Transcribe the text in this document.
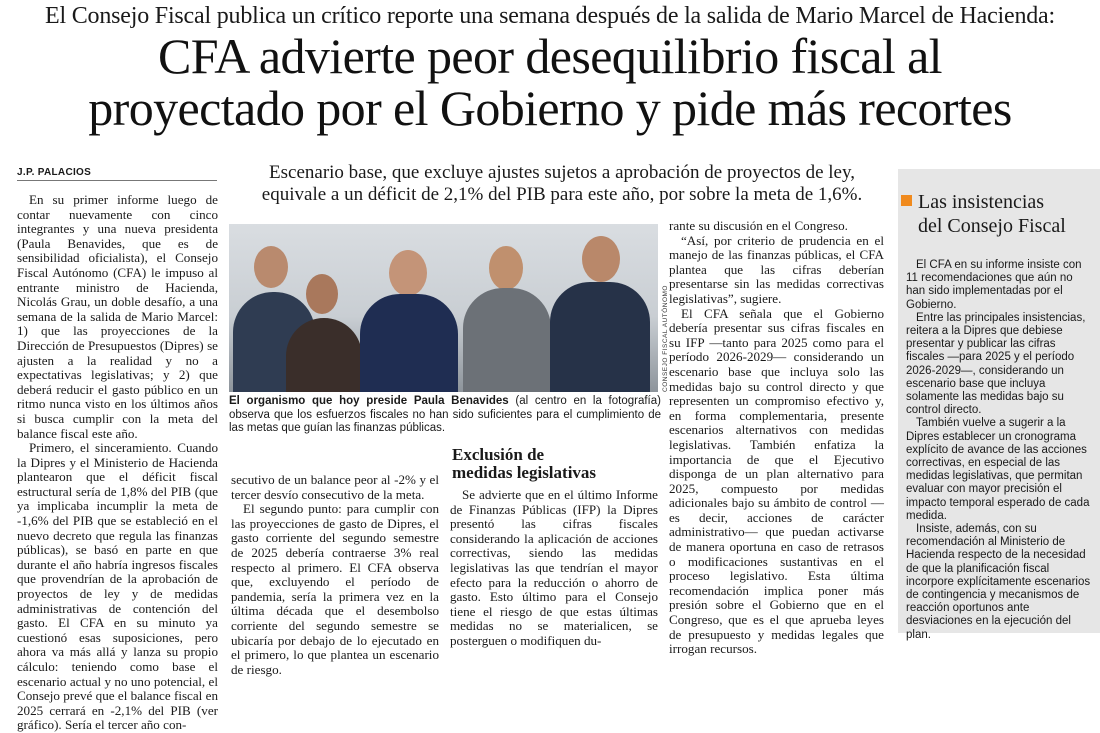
El Consejo Fiscal publica un crítico reporte una semana después de la salida de Mario Marcel de Hacienda:
CFA advierte peor desequilibrio fiscal al
proyectado por el Gobierno y pide más recortes
J.P. PALACIOS	Escenario base, que excluye ajustes sujetos a aprobación de proyectos de ley,
equivale a un déficit de 2,1% del PIB para este año, por sobre la meta de 1,6%.

En su primer informe luego de contar nuevamente con cinco integrantes y una nueva presidenta (Paula Benavides, que es de sensibilidad oficialista), el Consejo Fiscal Autónomo (CFA) le impuso al entrante ministro de Hacienda, Nicolás Grau, un doble desafío, a una semana de la salida de Mario Marcel: 1) que las proyecciones de la Dirección de Presupuestos (Dipres) se ajusten a la realidad y no a expectativas legislativas; y 2) que deberá reducir el gasto público en un ritmo nunca visto en los últimos años si busca cumplir con la meta del balance fiscal este año.

Primero, el sinceramiento. Cuando la Dipres y el Ministerio de Hacienda plantearon que el déficit fiscal estructural sería de 1,8% del PIB (que ya implicaba incumplir la meta de -1,6% del PIB que se estableció en el nuevo decreto que regula las finanzas públicas), se basó en parte en que durante el año habría ingresos fiscales que provendrían de la aprobación de proyectos de ley y de medidas administrativas de contención del gasto. El CFA en su minuto ya cuestionó esas suposiciones, pero ahora va más allá y lanza su propio cálculo: teniendo como base el escenario actual y no uno potencial, el Consejo prevé que el balance fiscal en 2025 cerrará en -2,1% del PIB (ver gráfico). Sería el tercer año con-

CONSEJO FISCAL AUTÓNOMO
El organismo que hoy preside Paula Benavides (al centro en la fotografía) observa que los esfuerzos fiscales no han sido suficientes para el cumplimiento de las metas que guían las finanzas públicas.

secutivo de un balance peor al -2% y el tercer desvío consecutivo de la meta.

El segundo punto: para cumplir con las proyecciones de gasto de Dipres, el gasto corriente del segundo semestre de 2025 debería contraerse 3% real respecto al primero. El CFA observa que, excluyendo el período de pandemia, sería la primera vez en la última década que el desembolso corriente del segundo semestre se ubicaría por debajo de lo ejecutado en el primero, lo que plantea un escenario de riesgo.

Exclusión de
medidas legislativas

Se advierte que en el último Informe de Finanzas Públicas (IFP) la Dipres presentó las cifras fiscales considerando la aplicación de acciones correctivas, siendo las medidas legislativas las que tendrían el mayor efecto para la reducción o ahorro de gasto. Esto último para el Consejo tiene el riesgo de que estas últimas medidas no se materialicen, se posterguen o modifiquen du-

rante su discusión en el Congreso.

“Así, por criterio de prudencia en el manejo de las finanzas públicas, el CFA plantea que las cifras deberían presentarse sin las medidas correctivas legislativas”, sugiere.

El CFA señala que el Gobierno debería presentar sus cifras fiscales en su IFP —tanto para 2025 como para el período 2026-2029— considerando un escenario base que incluya solo las medidas bajo su control directo y que representen un compromiso efectivo y, en forma complementaria, presente escenarios alternativos con medidas legislativas. También enfatiza la importancia de que el Ejecutivo disponga de un plan alternativo para 2025, compuesto por medidas adicionales bajo su ámbito de control —es decir, acciones de carácter administrativo— que puedan activarse de manera oportuna en caso de retrasos o modificaciones sustantivas en el proceso legislativo. Esta última recomendación implica poner más presión sobre el Gobierno que en el Congreso, que es el que aprueba leyes de presupuesto y medidas legales que irrogan recursos.

Las insistencias
del Consejo Fiscal

El CFA en su informe insiste con 11 recomendaciones que aún no han sido implementadas por el Gobierno.

Entre las principales insistencias, reitera a la Dipres que debiese presentar y publicar las cifras fiscales —para 2025 y el período 2026-2029—, considerando un escenario base que incluya solamente las medidas bajo su control directo.

También vuelve a sugerir a la Dipres establecer un cronograma explícito de avance de las acciones correctivas, en especial de las medidas legislativas, que permitan evaluar con mayor precisión el impacto temporal esperado de cada medida.

Insiste, además, con su recomendación al Ministerio de Hacienda respecto de la necesidad de que la planificación fiscal incorpore explícitamente escenarios de contingencia y mecanismos de reacción oportunos ante desviaciones en la ejecución del plan.
